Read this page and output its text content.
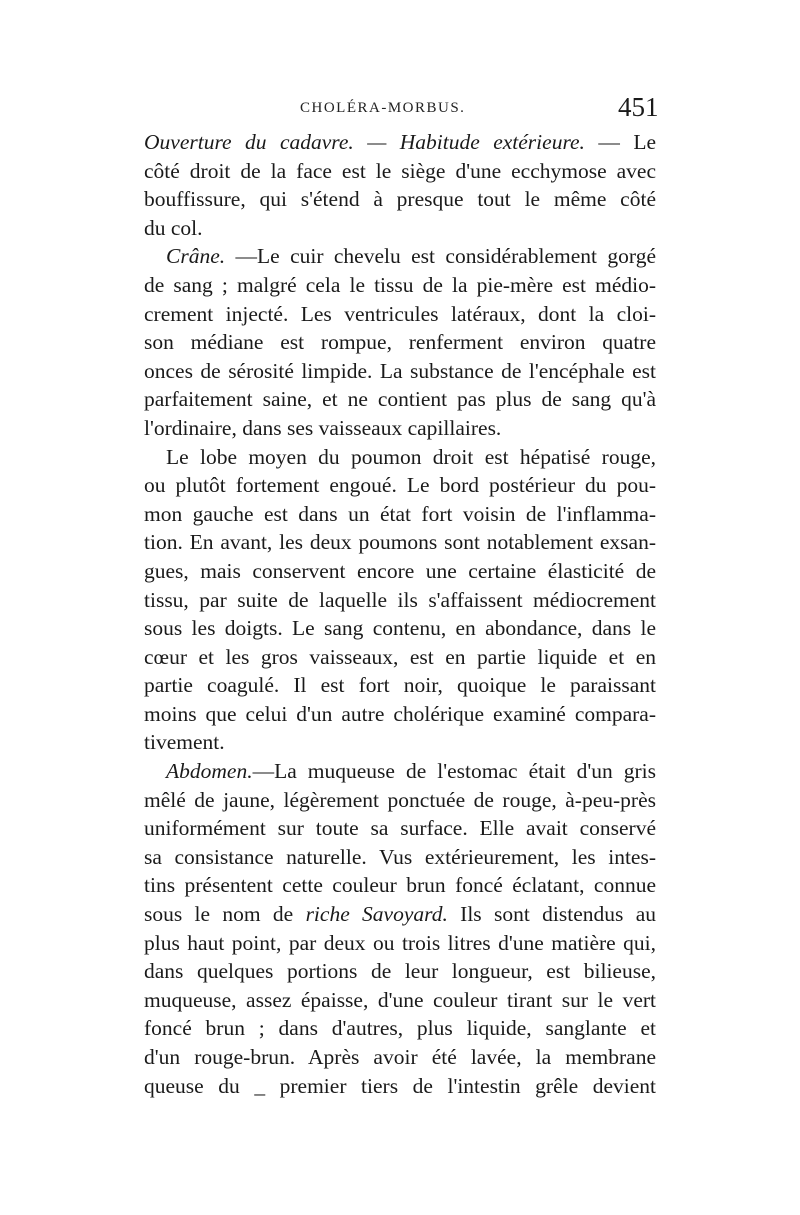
CHOLÉRA-MORBUS.	451
Ouverture du cadavre. — Habitude extérieure. — Le
côté droit de la face est le siège d'une ecchymose avec
bouffissure, qui s'étend à presque tout le même côté
du col.
Crâne. —Le cuir chevelu est considérablement gorgé
de sang ; malgré cela le tissu de la pie-mère est médio-
crement injecté. Les ventricules latéraux, dont la cloi-
son médiane est rompue, renferment environ quatre
onces de sérosité limpide. La substance de l'encéphale est
parfaitement saine, et ne contient pas plus de sang qu'à
l'ordinaire, dans ses vaisseaux capillaires.
Le lobe moyen du poumon droit est hépatisé rouge,
ou plutôt fortement engoué. Le bord postérieur du pou-
mon gauche est dans un état fort voisin de l'inflamma-
tion. En avant, les deux poumons sont notablement exsan-
gues, mais conservent encore une certaine élasticité de
tissu, par suite de laquelle ils s'affaissent médiocrement
sous les doigts. Le sang contenu, en abondance, dans le
cœur et les gros vaisseaux, est en partie liquide et en
partie coagulé. Il est fort noir, quoique le paraissant
moins que celui d'un autre cholérique examiné compara-
tivement.
Abdomen.—La muqueuse de l'estomac était d'un gris
mêlé de jaune, légèrement ponctuée de rouge, à-peu-près
uniformément sur toute sa surface. Elle avait conservé
sa consistance naturelle. Vus extérieurement, les intes-
tins présentent cette couleur brun foncé éclatant, connue
sous le nom de riche Savoyard. Ils sont distendus au
plus haut point, par deux ou trois litres d'une matière qui,
dans quelques portions de leur longueur, est bilieuse,
muqueuse, assez épaisse, d'une couleur tirant sur le vert
foncé brun ; dans d'autres, plus liquide, sanglante et
d'un rouge-brun. Après avoir été lavée, la membrane
queuse du _ premier tiers de l'intestin grêle devient
